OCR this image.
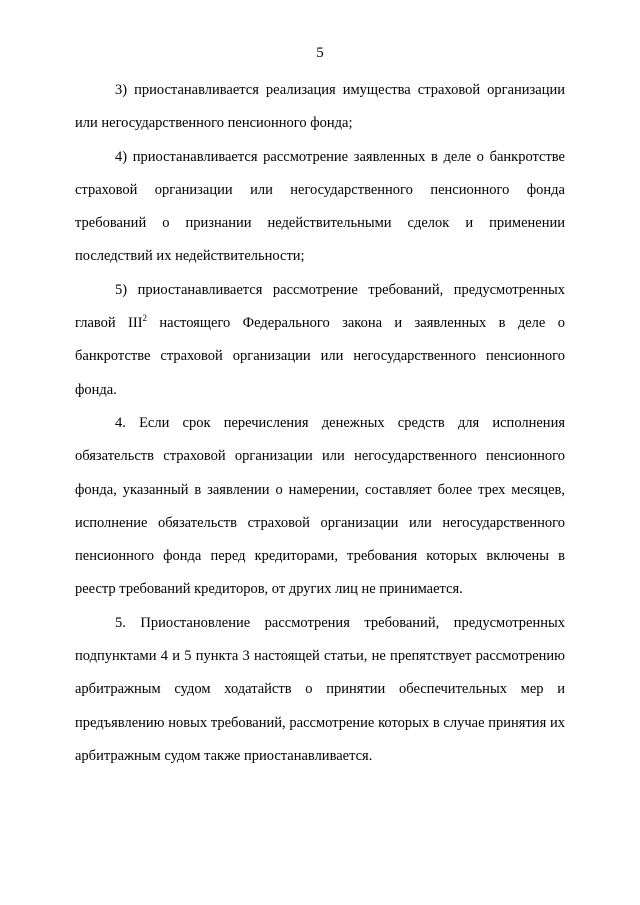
5

3) приостанавливается реализация имущества страховой организации или негосударственного пенсионного фонда;

4) приостанавливается рассмотрение заявленных в деле о банкротстве страховой организации или негосударственного пенсионного фонда требований о признании недействительными сделок и применении последствий их недействительности;

5) приостанавливается рассмотрение требований, предусмотренных главой III$^2$ настоящего Федерального закона и заявленных в деле о банкротстве страховой организации или негосударственного пенсионного фонда.

4. Если срок перечисления денежных средств для исполнения обязательств страховой организации или негосударственного пенсионного фонда, указанный в заявлении о намерении, составляет более трех месяцев, исполнение обязательств страховой организации или негосударственного пенсионного фонда перед кредиторами, требования которых включены в реестр требований кредиторов, от других лиц не принимается.

5. Приостановление рассмотрения требований, предусмотренных подпунктами 4 и 5 пункта 3 настоящей статьи, не препятствует рассмотрению арбитражным судом ходатайств о принятии обеспечительных мер и предъявлению новых требований, рассмотрение которых в случае принятия их арбитражным судом также приостанавливается.
